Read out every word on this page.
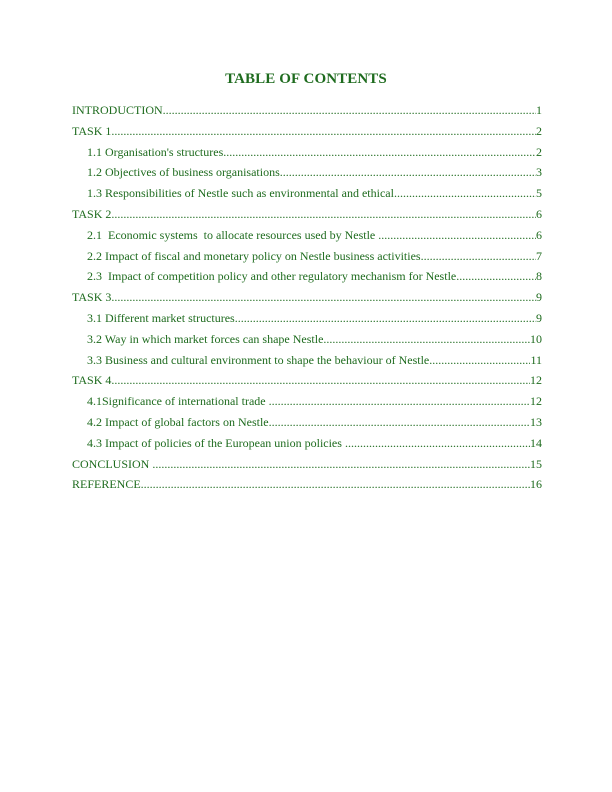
TABLE OF CONTENTS
INTRODUCTION .....	1
TASK 1 .....	2
1.1 Organisation's structures .....	2
1.2 Objectives of business organisations .....	3
1.3 Responsibilities of Nestle such as environmental and ethical .....	5
TASK 2 .....	6
2.1  Economic systems  to allocate resources used by Nestle .....	6
2.2 Impact of fiscal and monetary policy on Nestle business activities .....	7
2.3  Impact of competition policy and other regulatory mechanism for Nestle .....	8
TASK 3 .....	9
3.1 Different market structures .....	9
3.2 Way in which market forces can shape Nestle .....	10
3.3 Business and cultural environment to shape the behaviour of Nestle .....	11
TASK 4 .....	12
4.1Significance of international trade .....	12
4.2 Impact of global factors on Nestle .....	13
4.3 Impact of policies of the European union policies .....	14
CONCLUSION .....	15
REFERENCE .....	16
